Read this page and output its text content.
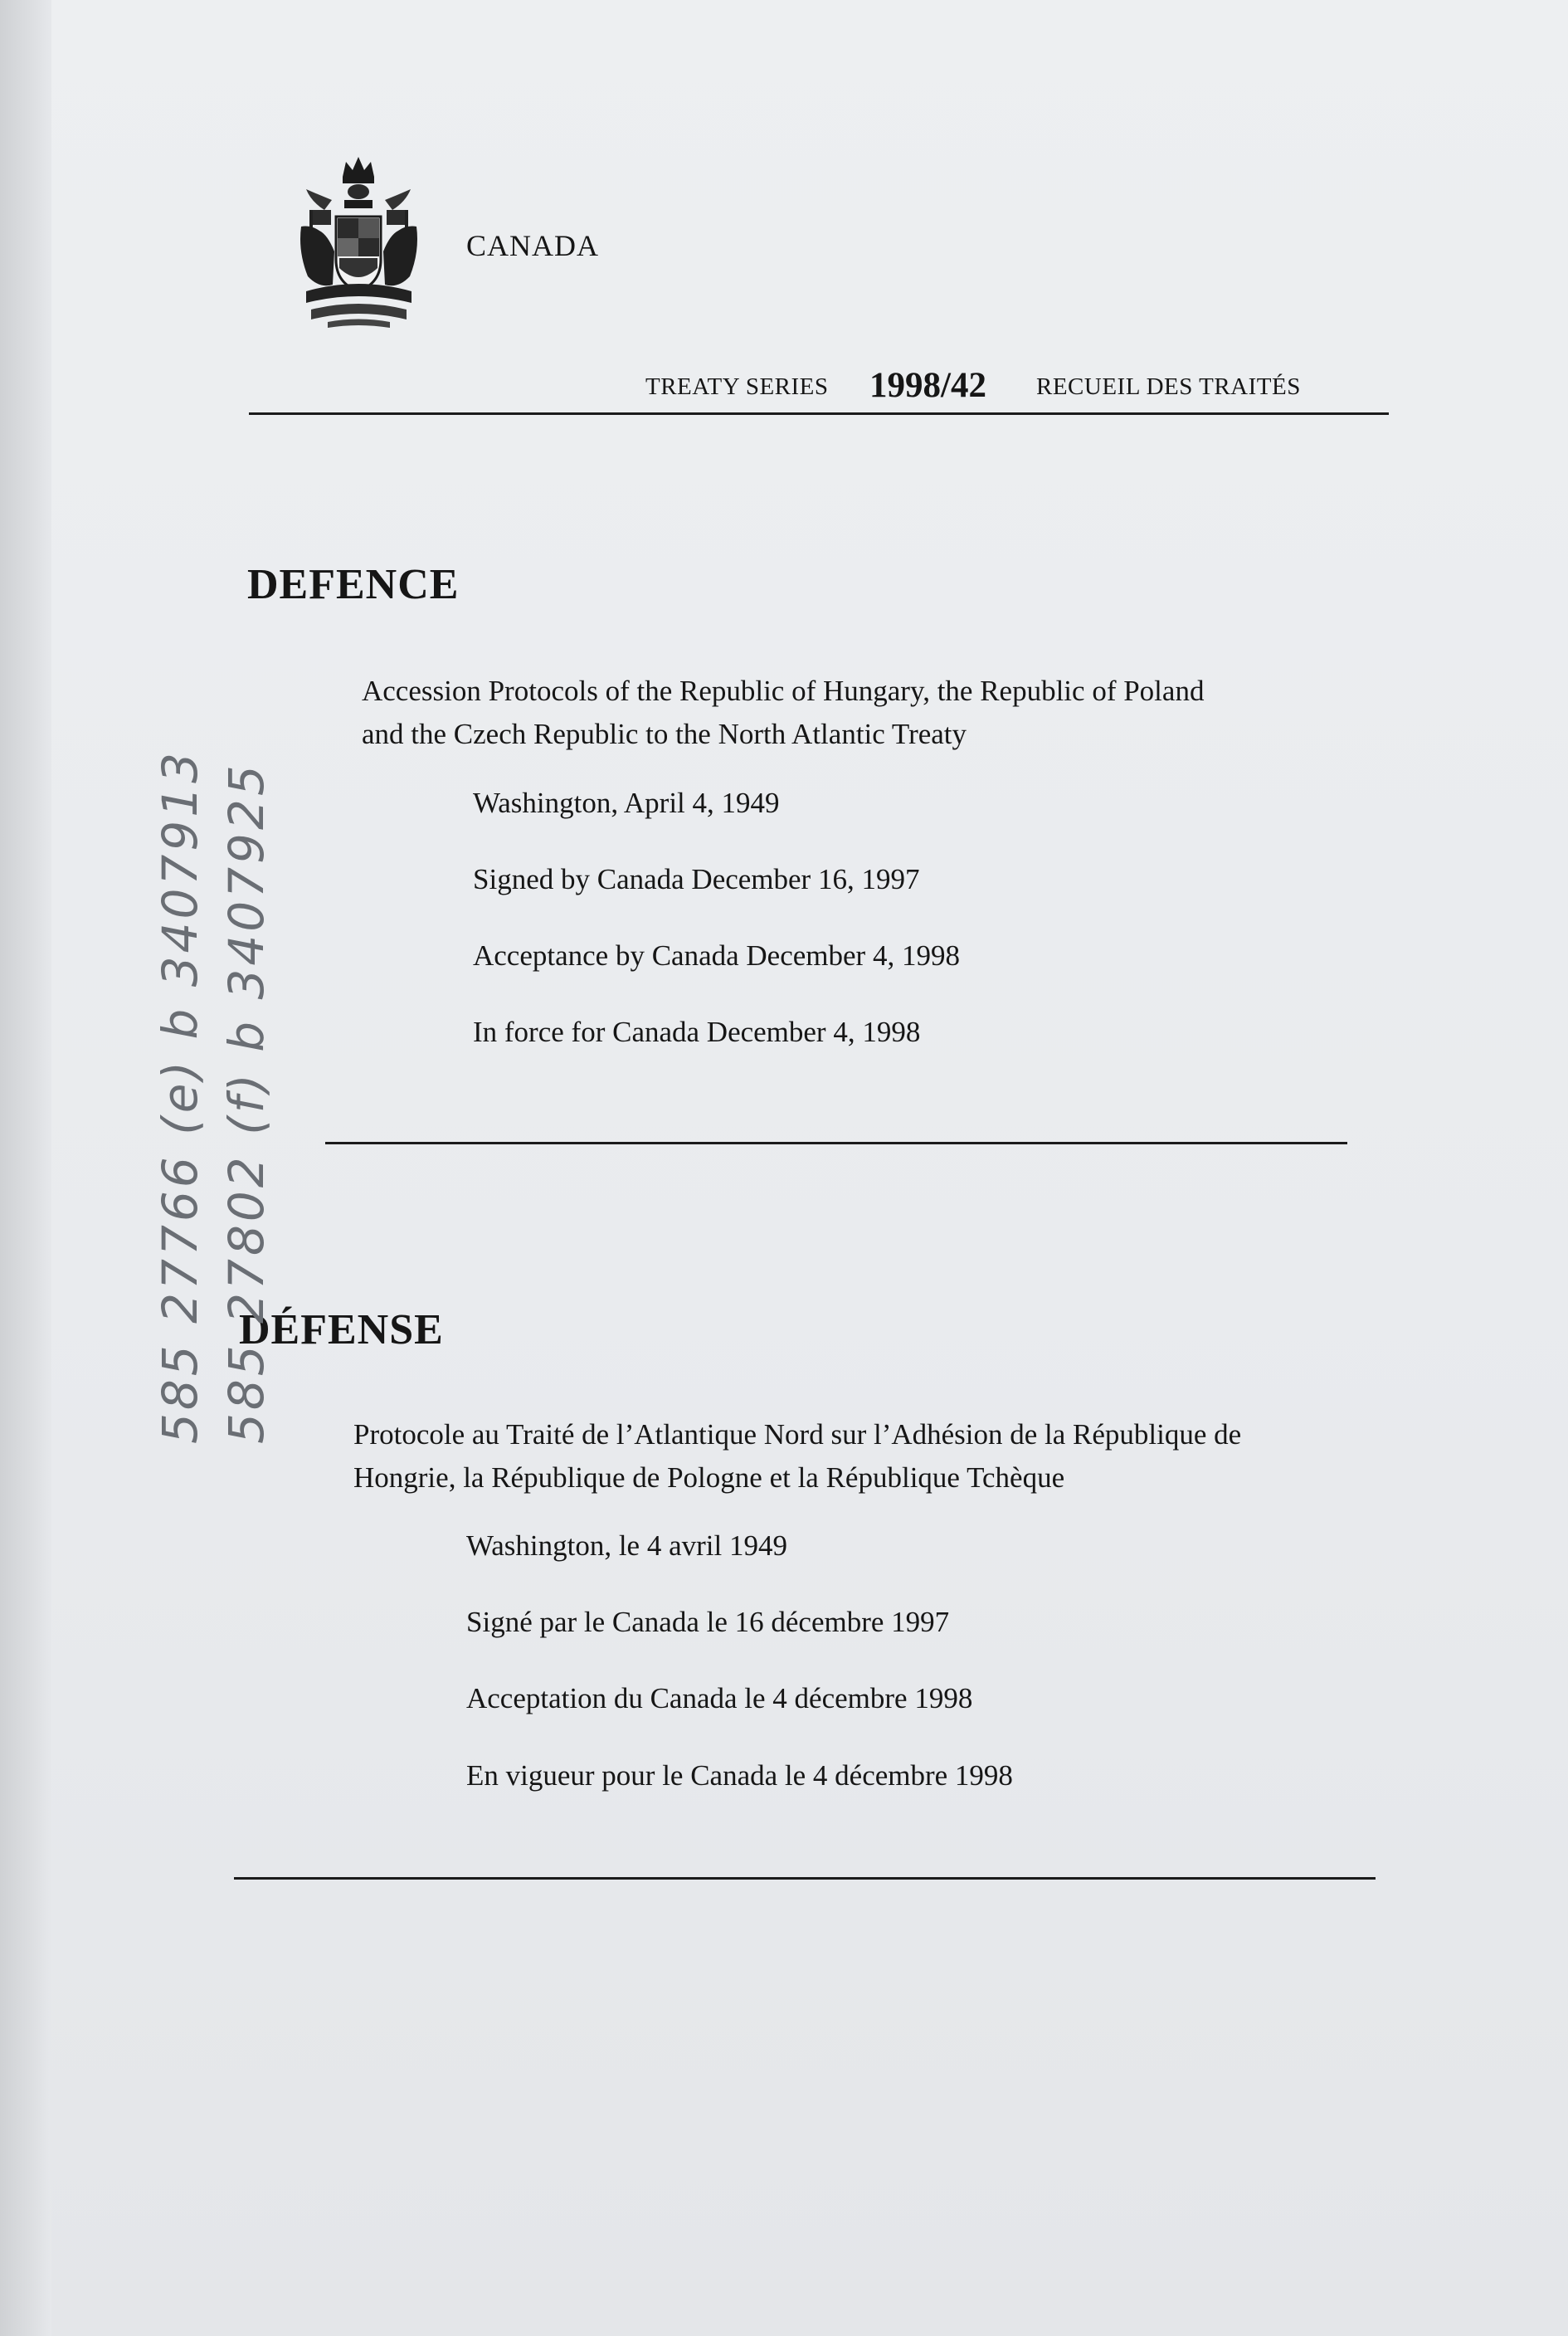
CANADA
TREATY SERIES 1998/42 RECUEIL DES TRAITÉS
DEFENCE
Accession Protocols of the Republic of Hungary, the Republic of Poland
and the Czech Republic to the North Atlantic Treaty
Washington, April 4, 1949
Signed by Canada December 16, 1997
Acceptance by Canada December 4, 1998
In force for Canada December 4, 1998
DÉFENSE
Protocole au Traité de l’Atlantique Nord sur l’Adhésion de la République de
Hongrie, la République de Pologne et la République Tchèque
Washington, le 4 avril 1949
Signé par le Canada le 16 décembre 1997
Acceptation du Canada le 4 décembre 1998
En vigueur pour le Canada le 4 décembre 1998
585 27766 (e) b 3407913 585 27802 (f) b 3407925
